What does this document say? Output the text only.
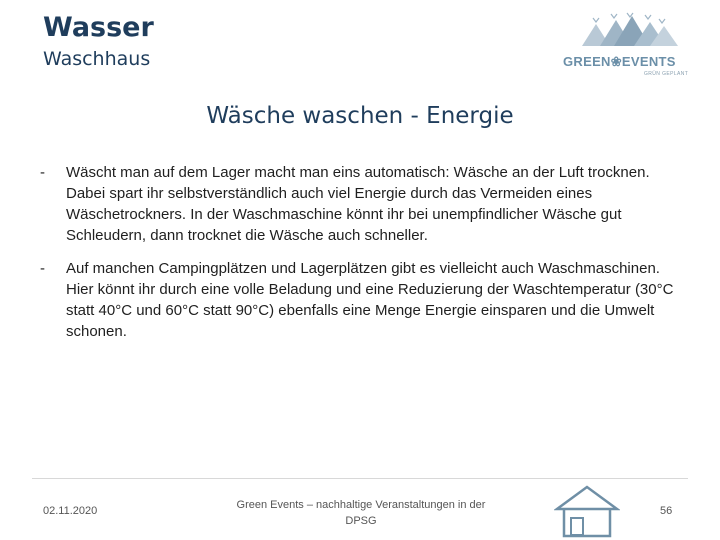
Wasser
Waschhaus	GREEN❀EVENTS
GRÜN GEPLANT
Wäsche waschen - Energie
- Wäscht man auf dem Lager macht man eins automatisch: Wäsche an der Luft trocknen. Dabei spart ihr selbstverständlich auch viel Energie durch das Vermeiden eines Wäschetrockners. In der Waschmaschine könnt ihr bei unempfindlicher Wäsche gut Schleudern, dann trocknet die Wäsche auch schneller.
- Auf manchen Campingplätzen und Lagerplätzen gibt es vielleicht auch Waschmaschinen. Hier könnt ihr durch eine volle Beladung und eine Reduzierung der Waschtemperatur (30°C statt 40°C und 60°C statt 90°C) ebenfalls eine Menge Energie einsparen und die Umwelt schonen.
02.11.2020	Green Events – nachhaltige Veranstaltungen in der DPSG
56
